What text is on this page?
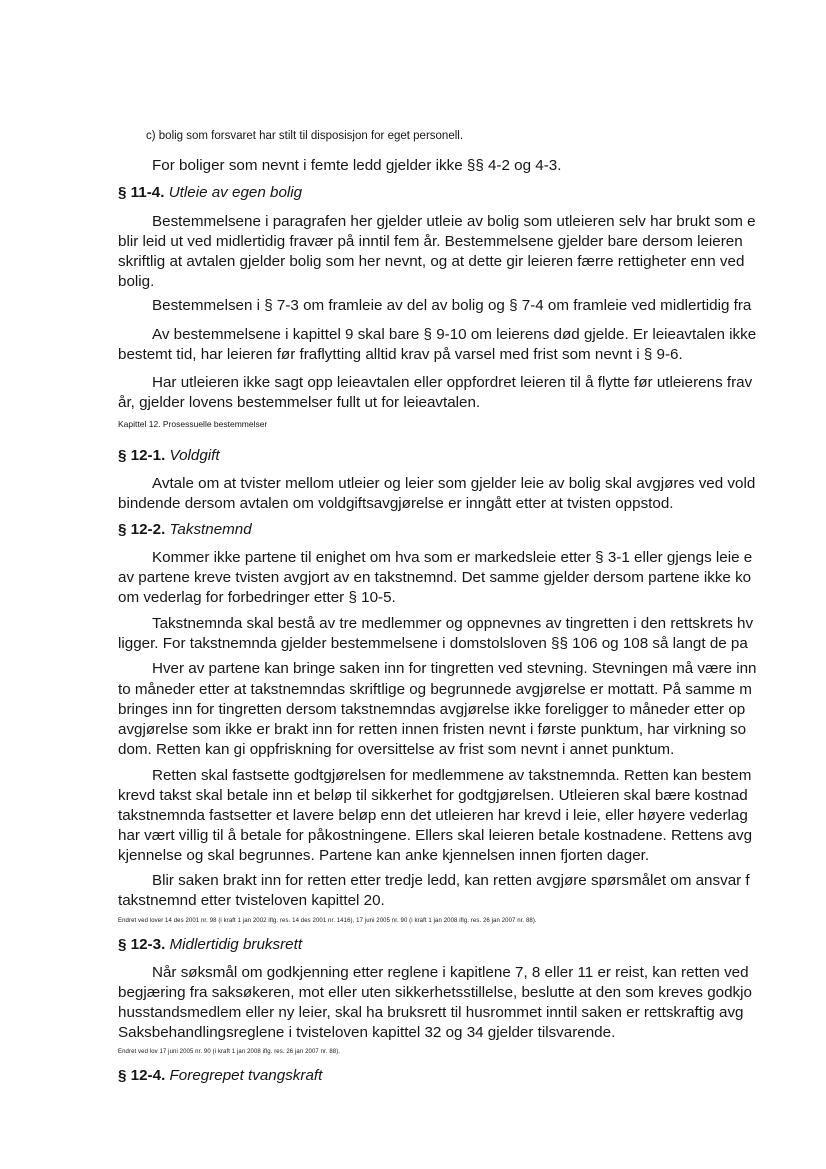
c) bolig som forsvaret har stilt til disposisjon for eget personell.
For boliger som nevnt i femte ledd gjelder ikke §§ 4-2 og 4-3.
§ 11-4. Utleie av egen bolig
Bestemmelsene i paragrafen her gjelder utleie av bolig som utleieren selv har brukt som e
blir leid ut ved midlertidig fravær på inntil fem år. Bestemmelsene gjelder bare dersom leieren
skriftlig at avtalen gjelder bolig som her nevnt, og at dette gir leieren færre rettigheter enn ved
bolig.
Bestemmelsen i § 7-3 om framleie av del av bolig og § 7-4 om framleie ved midlertidig fra
Av bestemmelsene i kapittel 9 skal bare § 9-10 om leierens død gjelde. Er leieavtalen ikke
bestemt tid, har leieren før fraflytting alltid krav på varsel med frist som nevnt i § 9-6.
Har utleieren ikke sagt opp leieavtalen eller oppfordret leieren til å flytte før utleierens frav
år, gjelder lovens bestemmelser fullt ut for leieavtalen.
Kapittel 12. Prosessuelle bestemmelser
§ 12-1. Voldgift
Avtale om at tvister mellom utleier og leier som gjelder leie av bolig skal avgjøres ved vold
bindende dersom avtalen om voldgiftsavgjørelse er inngått etter at tvisten oppstod.
§ 12-2. Takstnemnd
Kommer ikke partene til enighet om hva som er markedsleie etter § 3-1 eller gjengs leie e
av partene kreve tvisten avgjort av en takstnemnd. Det samme gjelder dersom partene ikke ko
om vederlag for forbedringer etter § 10-5.
Takstnemnda skal bestå av tre medlemmer og oppnevnes av tingretten i den rettskrets hv
ligger. For takstnemnda gjelder bestemmelsene i domstolsloven §§ 106 og 108 så langt de pa
Hver av partene kan bringe saken inn for tingretten ved stevning. Stevningen må være inn
to måneder etter at takstnemndas skriftlige og begrunnede avgjørelse er mottatt. På samme m
bringes inn for tingretten dersom takstnemndas avgjørelse ikke foreligger to måneder etter op
avgjørelse som ikke er brakt inn for retten innen fristen nevnt i første punktum, har virkning so
dom. Retten kan gi oppfriskning for oversittelse av frist som nevnt i annet punktum.
Retten skal fastsette godtgjørelsen for medlemmene av takstnemnda. Retten kan bestem
krevd takst skal betale inn et beløp til sikkerhet for godtgjørelsen. Utleieren skal bære kostnad
takstnemnda fastsetter et lavere beløp enn det utleieren har krevd i leie, eller høyere vederlag
har vært villig til å betale for påkostningene. Ellers skal leieren betale kostnadene. Rettens avg
kjennelse og skal begrunnes. Partene kan anke kjennelsen innen fjorten dager.
Blir saken brakt inn for retten etter tredje ledd, kan retten avgjøre spørsmålet om ansvar f
takstnemnd etter tvisteloven kapittel 20.
Endret ved lover 14 des 2001 nr. 98 (i kraft 1 jan 2002 iflg. res. 14 des 2001 nr. 1416), 17 juni 2005 nr. 90 (i kraft 1 jan 2008 iflg. res. 26 jan 2007 nr. 88).
§ 12-3. Midlertidig bruksrett
Når søksmål om godkjenning etter reglene i kapitlene 7, 8 eller 11 er reist, kan retten ved
begjæring fra saksøkeren, mot eller uten sikkerhetsstillelse, beslutte at den som kreves godkjo
husstandsmedlem eller ny leier, skal ha bruksrett til husrommet inntil saken er rettskraftig avg
Saksbehandlingsreglene i tvisteloven kapittel 32 og 34 gjelder tilsvarende.
Endret ved lov 17 juni 2005 nr. 90 (i kraft 1 jan 2008 iflg. res. 26 jan 2007 nr. 88).
§ 12-4. Foregrepet tvangskraft
